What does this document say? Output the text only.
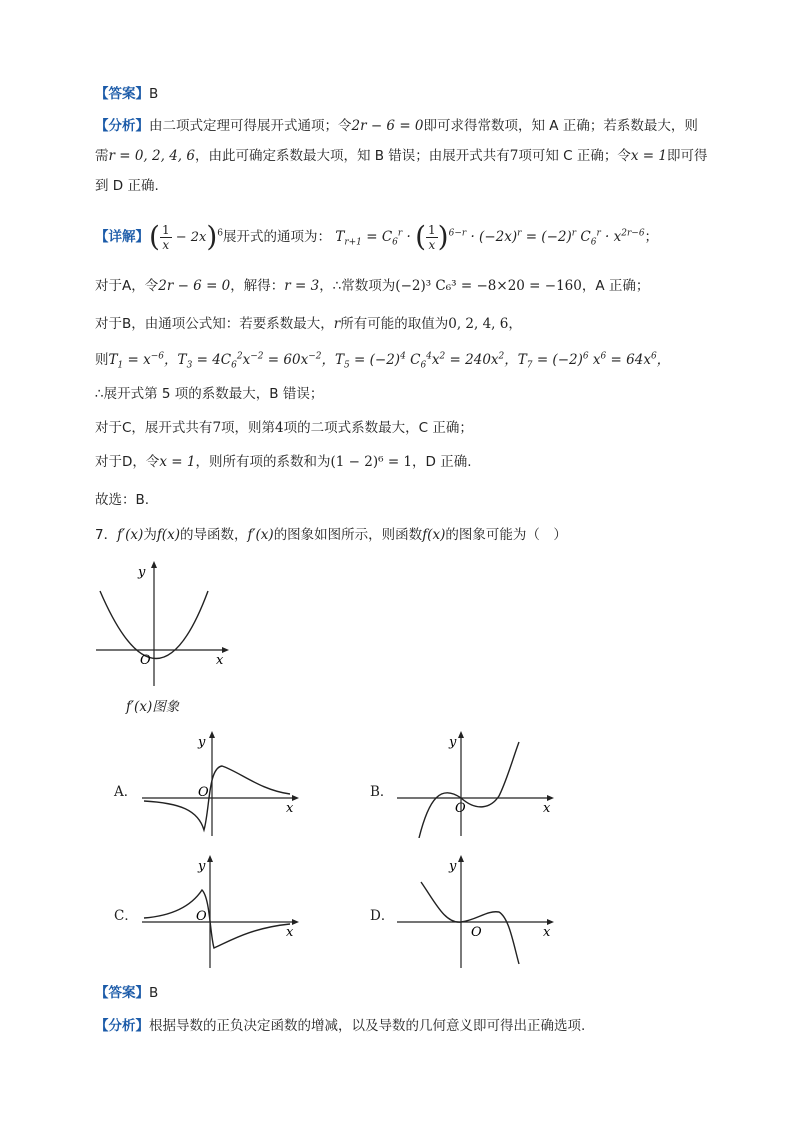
【答案】B
【分析】由二项式定理可得展开式通项；令2r − 6 = 0即可求得常数项，知 A 正确；若系数最大，则
需r = 0, 2, 4, 6，由此可确定系数最大项，知 B 错误；由展开式共有7项可知 C 正确；令x = 1即可得
到 D 正确.
【详解】( $\frac{1}{x} - 2x)^6$展开式的通项为： $T_{r+1} = C_6^r$ · ( $\frac{1}{x} )^{6-r} \cdot (-2x)^r = (-2)^r$ $C_6^r \cdot x^{2r-6}$；
对于A，令2r − 6 = 0，解得：r = 3，∴常数项为(−2)³ C₆³ = −8×20 = −160，A 正确；
对于B，由通项公式知：若要系数最大，r所有可能的取值为0, 2, 4, 6，
则$T_1 = x^{-6}$，$T_3 = 4C_6^2x^{-2} = 60x^{-2}$，$T_5 = (-2)^4$ $C_6^4x^2 = 240x^2$，$T_7 = (-2)^6$ $x^6 = 64x^6$，
∴展开式第 5 项的系数最大，B 错误；
对于C，展开式共有7项，则第4项的二项式系数最大，C 正确；
对于D，令x = 1，则所有项的系数和为(1 − 2)⁶ = 1，D 正确.
故选：B.
7．f′(x)为f(x)的导函数，f′(x)的图象如图所示，则函数f(x)的图象可能为（　）
y
x
O
f′(x)图象
A．
y
x
O	B．
y
x
O
C．
y
x
O	D．
y
x
O
【答案】B
【分析】根据导数的正负决定函数的增减，以及导数的几何意义即可得出正确选项.
